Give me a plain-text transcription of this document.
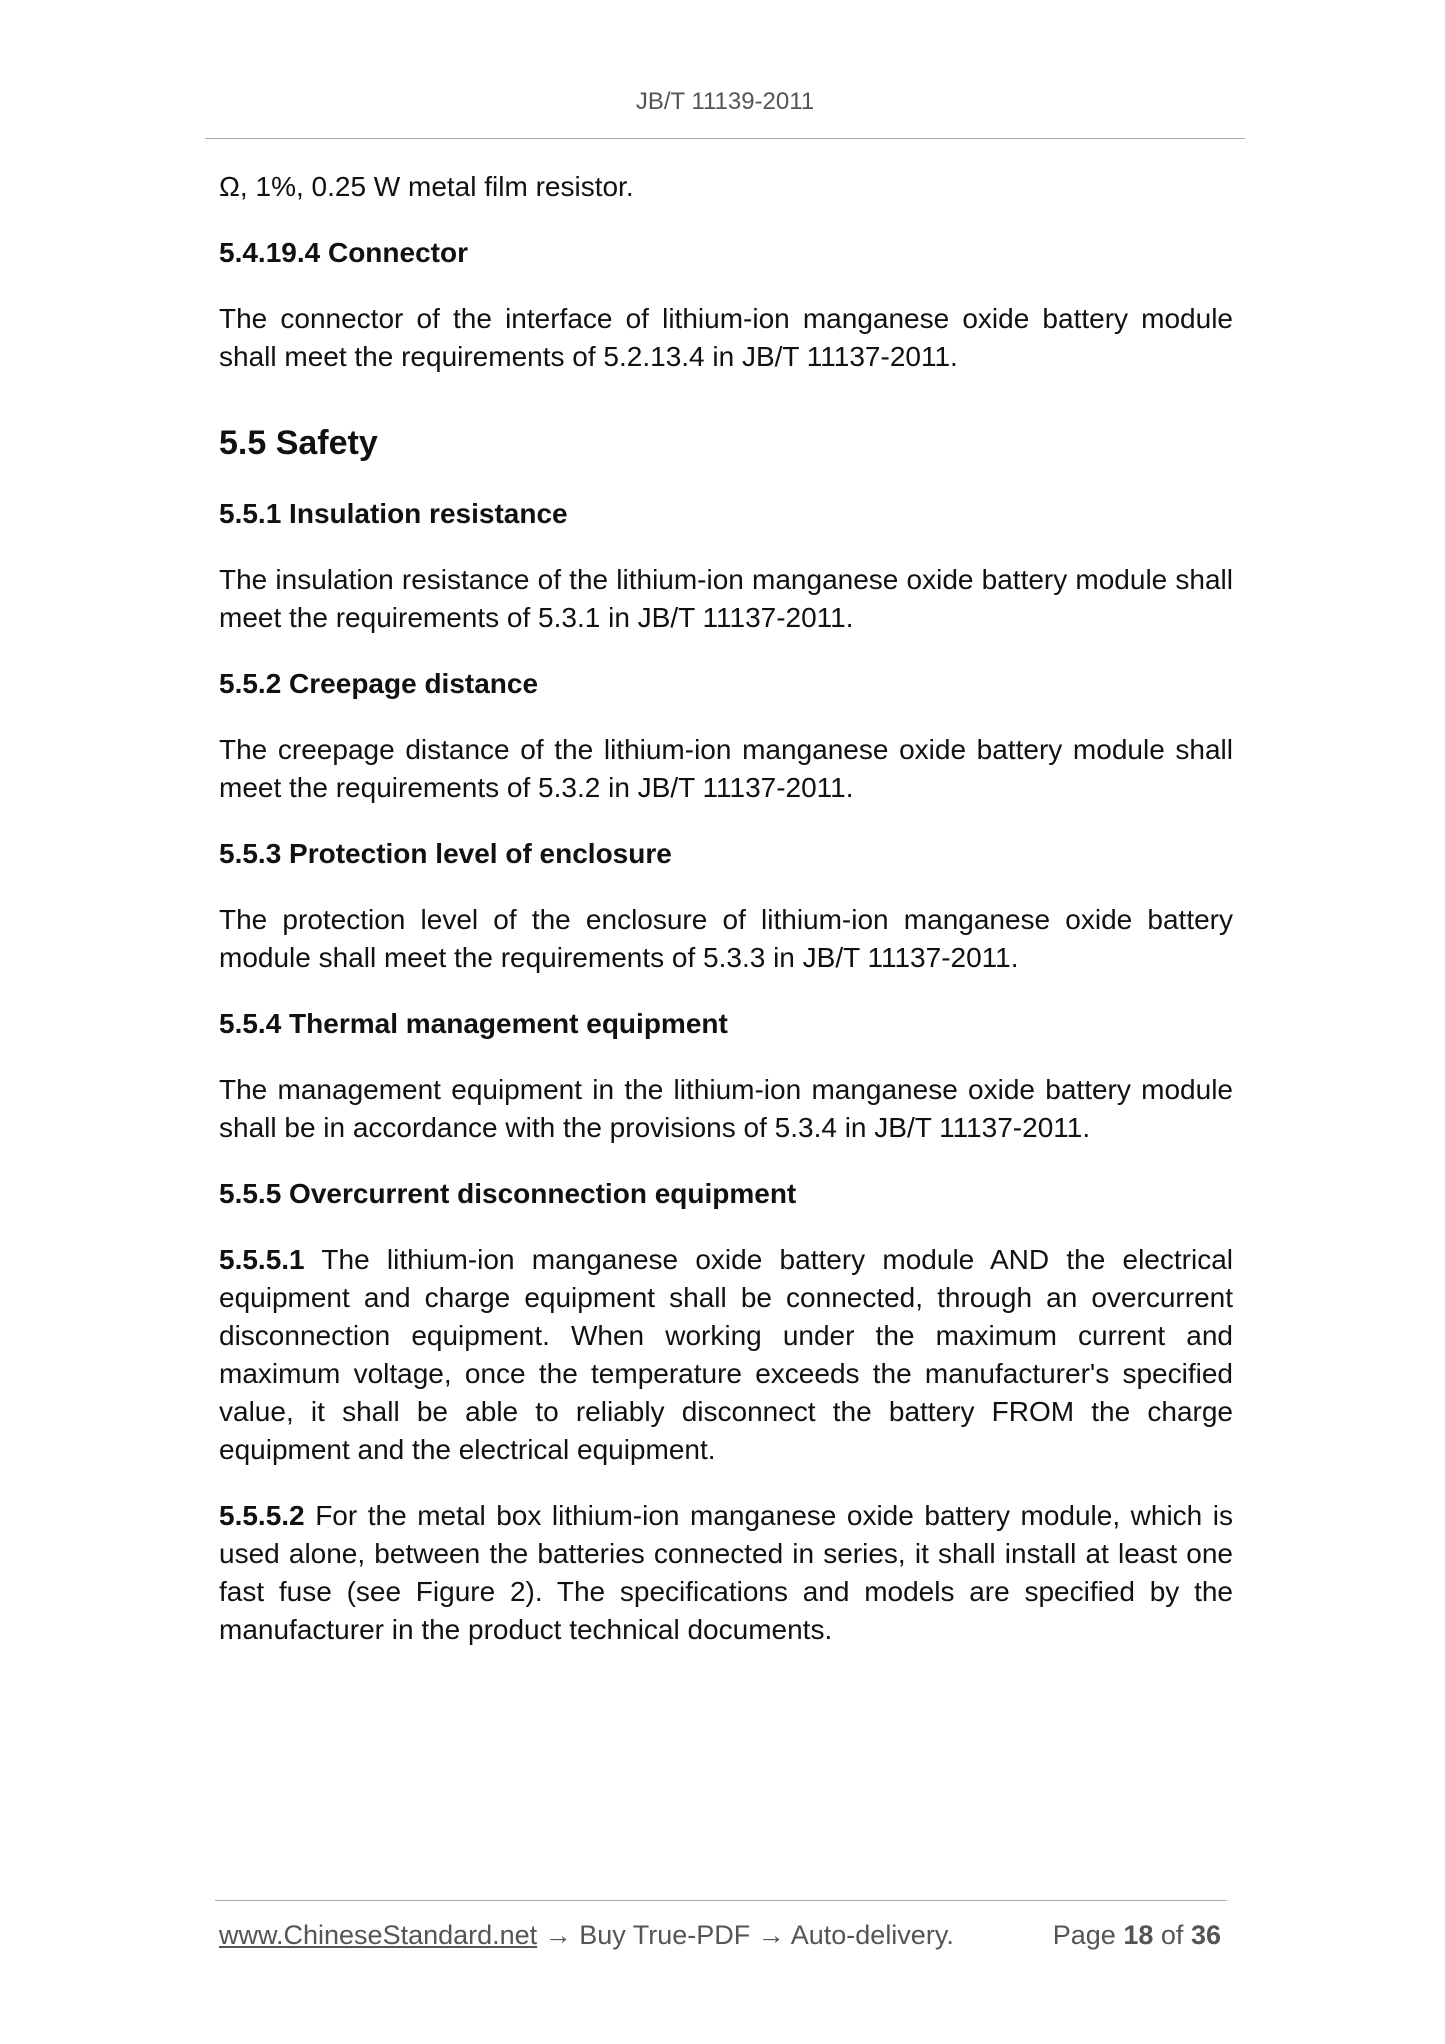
JB/T 11139-2011

Ω, 1%, 0.25 W metal film resistor.

5.4.19.4 Connector

The connector of the interface of lithium-ion manganese oxide battery module shall meet the requirements of 5.2.13.4 in JB/T 11137-2011.

5.5 Safety

5.5.1 Insulation resistance

The insulation resistance of the lithium-ion manganese oxide battery module shall meet the requirements of 5.3.1 in JB/T 11137-2011.

5.5.2 Creepage distance

The creepage distance of the lithium-ion manganese oxide battery module shall meet the requirements of 5.3.2 in JB/T 11137-2011.

5.5.3 Protection level of enclosure

The protection level of the enclosure of lithium-ion manganese oxide battery module shall meet the requirements of 5.3.3 in JB/T 11137-2011.

5.5.4 Thermal management equipment

The management equipment in the lithium-ion manganese oxide battery module shall be in accordance with the provisions of 5.3.4 in JB/T 11137-2011.

5.5.5 Overcurrent disconnection equipment

5.5.5.1 The lithium-ion manganese oxide battery module AND the electrical equipment and charge equipment shall be connected, through an overcurrent disconnection equipment. When working under the maximum current and maximum voltage, once the temperature exceeds the manufacturer's specified value, it shall be able to reliably disconnect the battery FROM the charge equipment and the electrical equipment.

5.5.5.2 For the metal box lithium-ion manganese oxide battery module, which is used alone, between the batteries connected in series, it shall install at least one fast fuse (see Figure 2). The specifications and models are specified by the manufacturer in the product technical documents.

www.ChineseStandard.net → Buy True-PDF → Auto-delivery.	Page 18 of 36
